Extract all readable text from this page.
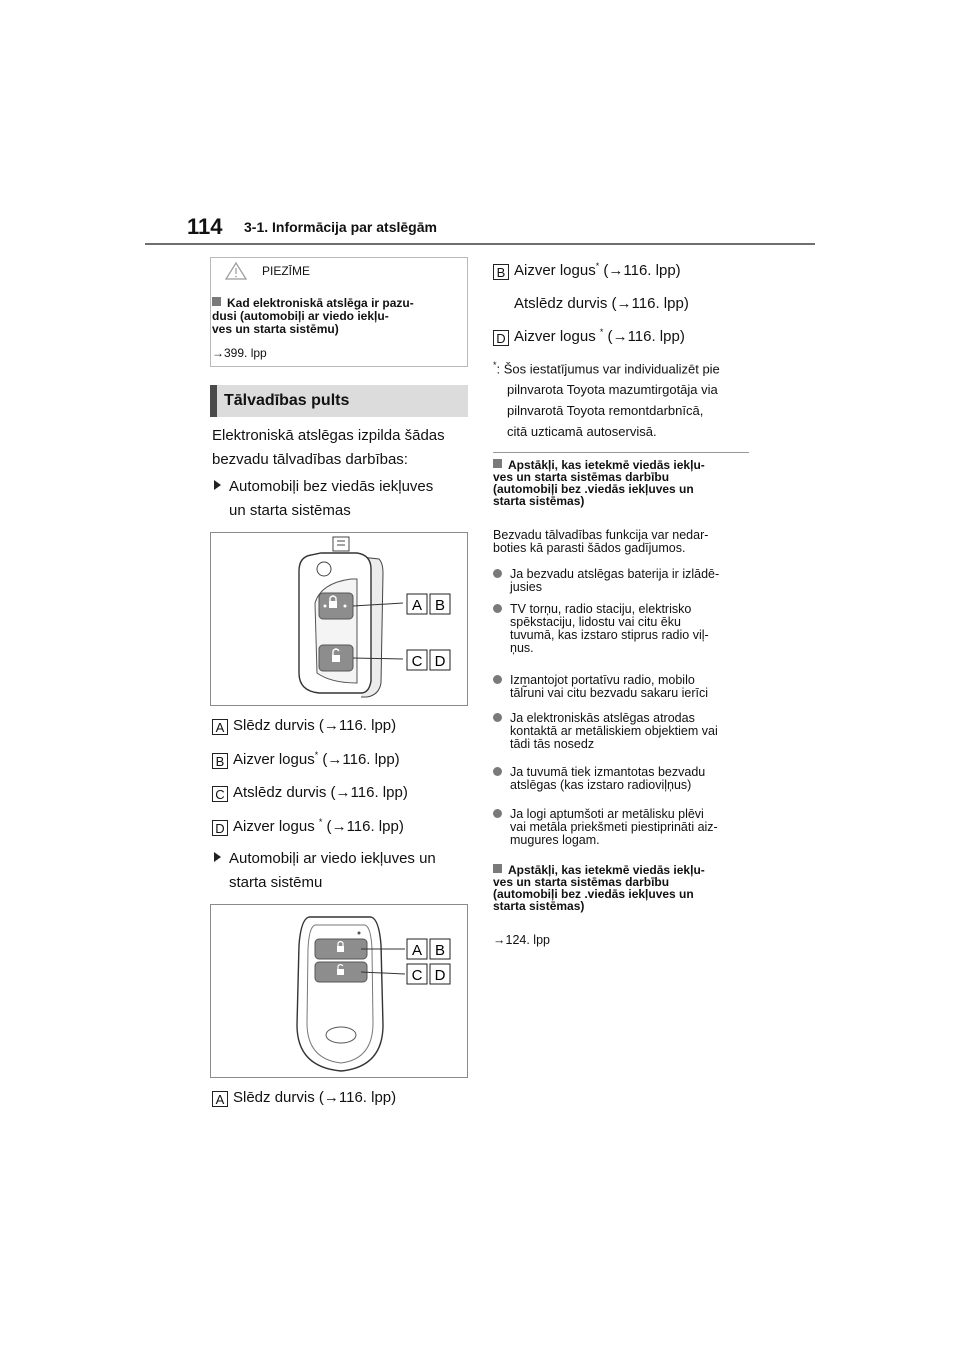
114 3-1. Informācija par atslēgām
PIEZĪME
Kad elektroniskā atslēga ir pazu-
dusi (automobiļi ar viedo iekļu-
ves un starta sistēmu)
→399. lpp
Tālvadības pults
Elektroniskā atslēgas izpilda šādas
bezvadu tālvadības darbības:
Automobiļi bez viedās iekļuves
un starta sistēmas
A B
C D
A Slēdz durvis (→116. lpp)
B Aizver logus* (→116. lpp)
C Atslēdz durvis (→116. lpp)
D Aizver logus * (→116. lpp)
Automobiļi ar viedo iekļuves un
starta sistēmu
A B
C D
A Slēdz durvis (→116. lpp)
B Aizver logus* (→116. lpp)
Atslēdz durvis (→116. lpp)
D Aizver logus * (→116. lpp)
*: Šos iestatījumus var individualizēt pie
pilnvarota Toyota mazumtirgotāja via
pilnvarotā Toyota remontdarbnīcā,
citā uzticamā autoservisā.
Apstākļi, kas ietekmē viedās iekļu-
ves un starta sistēmas darbību
(automobiļi bez .viedās iekļuves un
starta sistēmas)
Bezvadu tālvadības funkcija var nedar-
boties kā parasti šādos gadījumos.
Ja bezvadu atslēgas baterija ir izlādē-
jusies
TV torņu, radio staciju, elektrisko
spēkstaciju, lidostu vai citu ēku
tuvumā, kas izstaro stiprus radio viļ-
ņus.
Izmantojot portatīvu radio, mobilo
tālr̃uni vai citu bezvadu sakaru ierīci
Ja elektroniskās atslēgas atrodas
kontaktā ar metāliskiem objektiem vai
tādi tās nosedz
Ja tuvumā tiek izmantotas bezvadu
atslēgas (kas izstaro radioviļņus)
Ja logi aptumšoti ar metālisku plēvi
vai metāla priekšmeti piestiprināti aiz-
mugures logam.
Apstākļi, kas ietekmē viedās iekļu-
ves un starta sistēmas darbību
(automobiļi bez .viedās iekļuves un
starta sistēmas)
→124. lpp
